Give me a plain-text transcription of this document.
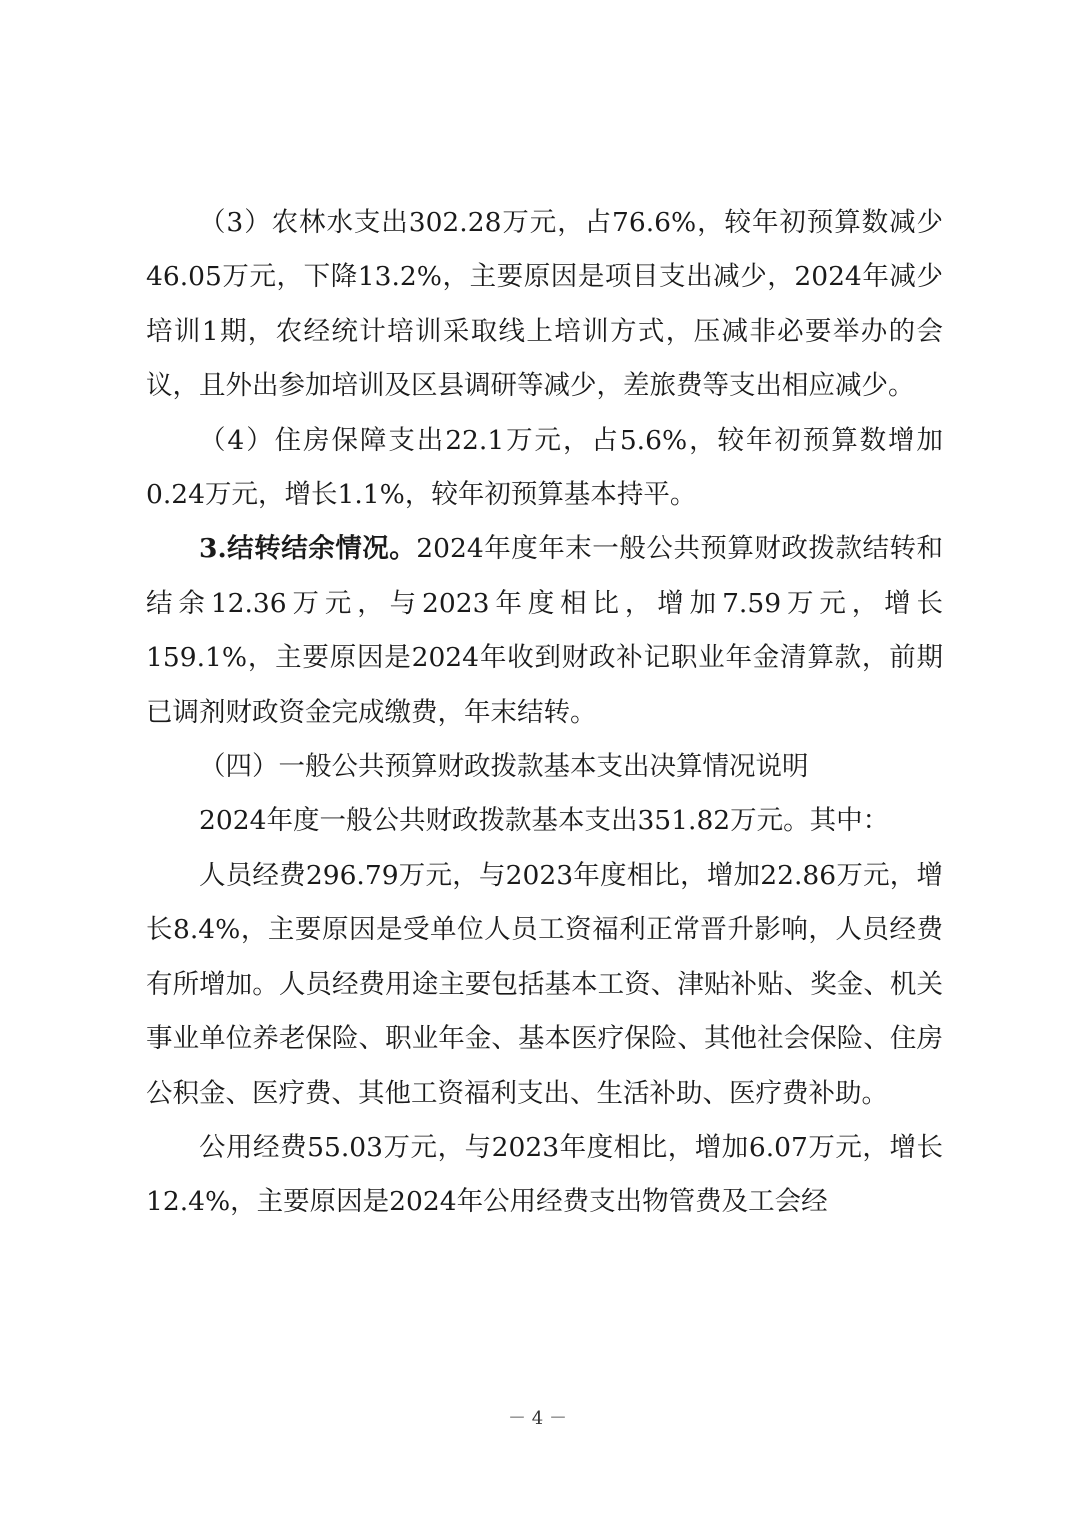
（3）农林水支出302.28万元，占76.6%，较年初预算数减少46.05万元，下降13.2%，主要原因是项目支出减少，2024年减少培训1期，农经统计培训采取线上培训方式，压减非必要举办的会议，且外出参加培训及区县调研等减少，差旅费等支出相应减少。

（4）住房保障支出22.1万元，占5.6%，较年初预算数增加0.24万元，增长1.1%，较年初预算基本持平。

3.结转结余情况。2024年度年末一般公共预算财政拨款结转和结余12.36万元，与2023年度相比，增加7.59万元，增长159.1%，主要原因是2024年收到财政补记职业年金清算款，前期已调剂财政资金完成缴费，年末结转。

（四）一般公共预算财政拨款基本支出决算情况说明

2024年度一般公共财政拨款基本支出351.82万元。其中：

人员经费296.79万元，与2023年度相比，增加22.86万元，增长8.4%，主要原因是受单位人员工资福利正常晋升影响，人员经费有所增加。人员经费用途主要包括基本工资、津贴补贴、奖金、机关事业单位养老保险、职业年金、基本医疗保险、其他社会保险、住房公积金、医疗费、其他工资福利支出、生活补助、医疗费补助。

公用经费55.03万元，与2023年度相比，增加6.07万元，增长12.4%，主要原因是2024年公用经费支出物管费及工会经

－ 4 －
